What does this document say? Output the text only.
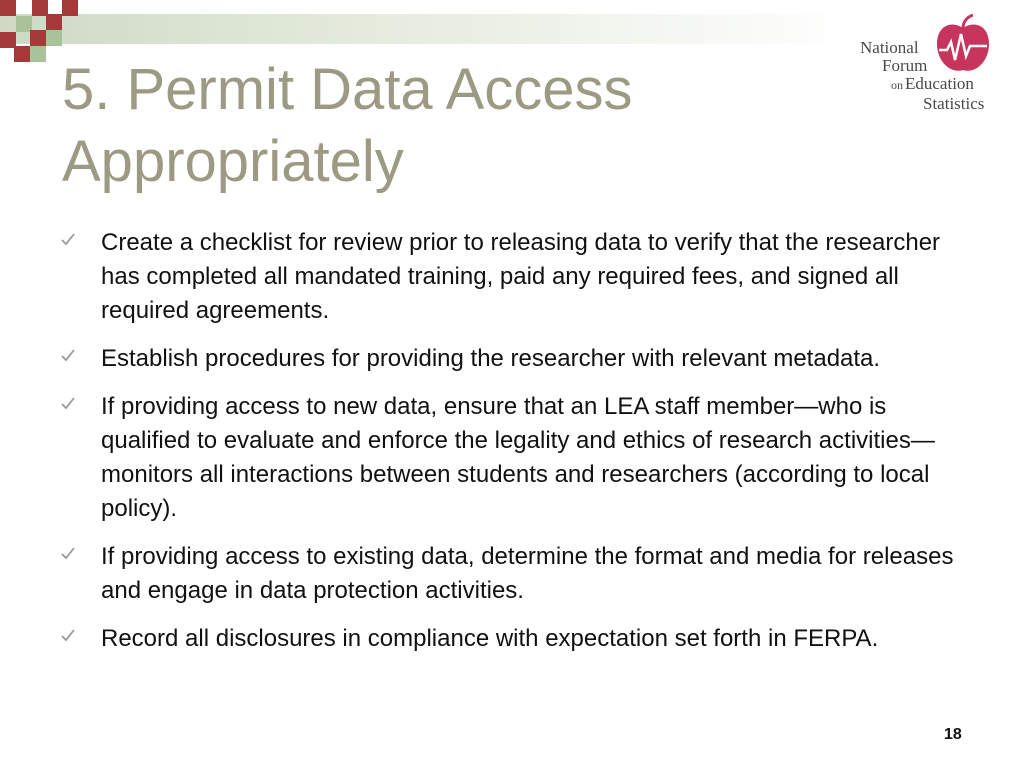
5. Permit Data Access Appropriately
National
Forum
on Education
Statistics
Create a checklist for review prior to releasing data to verify that the researcher has completed all mandated training, paid any required fees, and signed all required agreements.
Establish procedures for providing the researcher with relevant metadata.
If providing access to new data, ensure that an LEA staff member—who is qualified to evaluate and enforce the legality and ethics of research activities—monitors all interactions between students and researchers (according to local policy).
If providing access to existing data, determine the format and media for releases and engage in data protection activities.
Record all disclosures in compliance with expectation set forth in FERPA.
18
